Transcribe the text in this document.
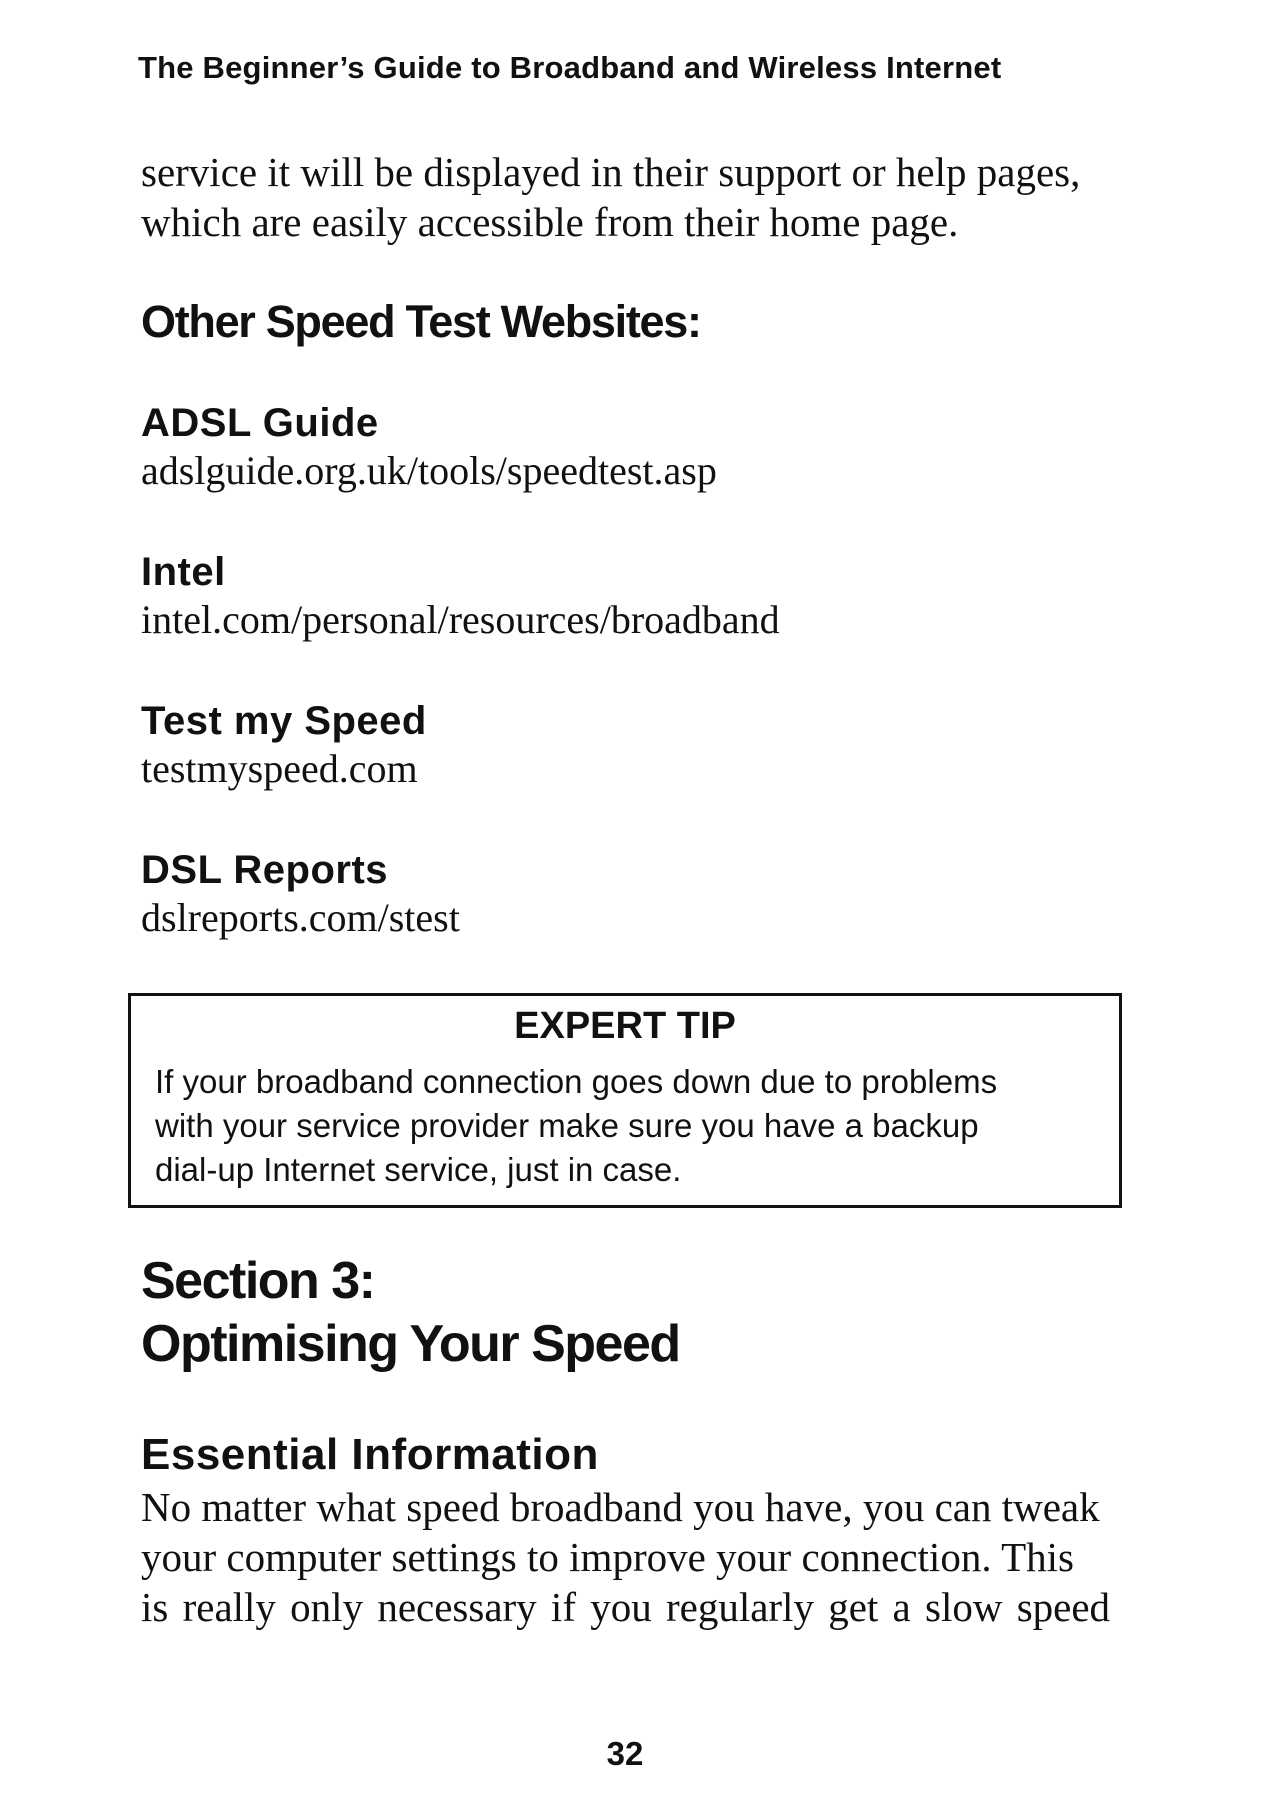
The Beginner’s Guide to Broadband and Wireless Internet

service it will be displayed in their support or help pages,

which are easily accessible from their home page.

Other Speed Test Websites:

ADSL Guide

adslguide.org.uk/tools/speedtest.asp

Intel

intel.com/personal/resources/broadband

Test my Speed

testmyspeed.com

DSL Reports

dslreports.com/stest

EXPERT TIP

If your broadband connection goes down due to problems
with your service provider make sure you have a backup
dial-up Internet service, just in case.

Section 3:
Optimising Your Speed
Essential Information

No matter what speed broadband you have, you can tweak
your computer settings to improve your connection. This
is really only necessary if you regularly get a slow speed

32
